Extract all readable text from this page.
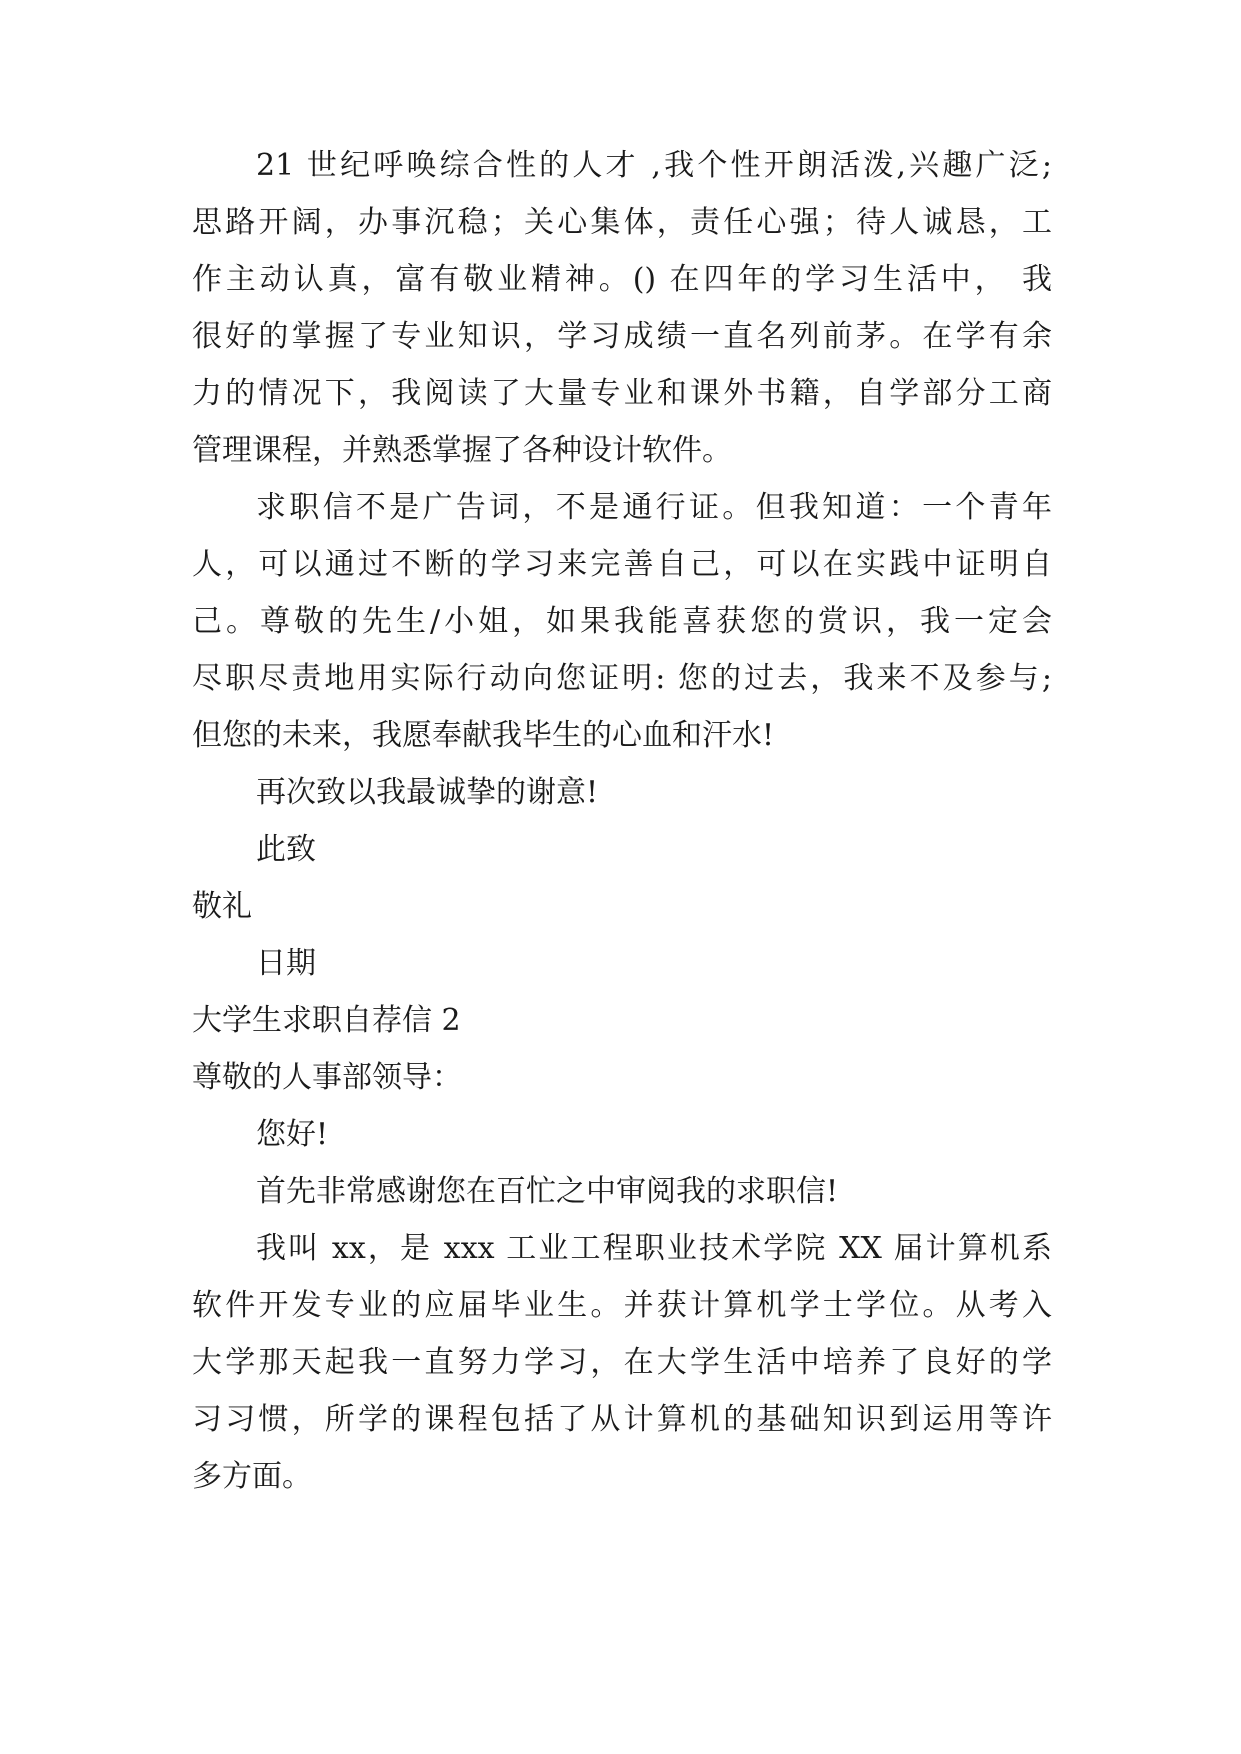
21 世纪呼唤综合性的人才 ,我个性开朗活泼,兴趣广泛;
思路开阔，办事沉稳；关心集体，责任心强；待人诚恳，工
作主动认真，富有敬业精神。() 在四年的学习生活中， 我
很好的掌握了专业知识，学习成绩一直名列前茅。在学有余
力的情况下，我阅读了大量专业和课外书籍，自学部分工商
管理课程，并熟悉掌握了各种设计软件。
求职信不是广告词，不是通行证。但我知道：一个青年
人，可以通过不断的学习来完善自己，可以在实践中证明自
己。尊敬的先生/小姐，如果我能喜获您的赏识，我一定会
尽职尽责地用实际行动向您证明: 您的过去，我来不及参与;
但您的未来，我愿奉献我毕生的心血和汗水!
再次致以我最诚挚的谢意!
此致
敬礼
日期
大学生求职自荐信 2
尊敬的人事部领导：
您好!
首先非常感谢您在百忙之中审阅我的求职信!
我叫 xx，是 xxx 工业工程职业技术学院 XX 届计算机系
软件开发专业的应届毕业生。并获计算机学士学位。从考入
大学那天起我一直努力学习，在大学生活中培养了良好的学
习习惯，所学的课程包括了从计算机的基础知识到运用等许
多方面。
